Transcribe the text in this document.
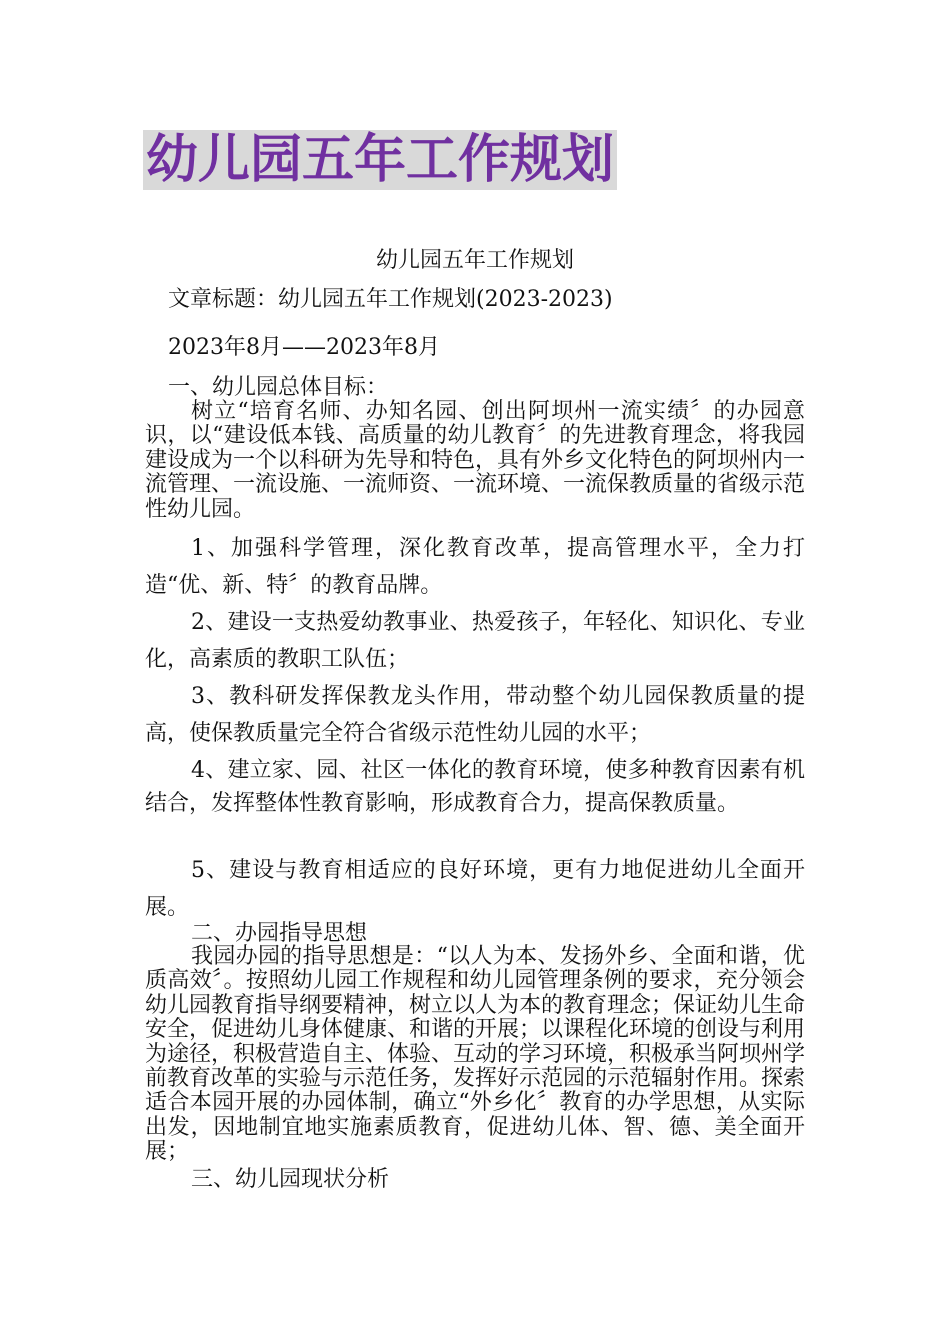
幼儿园五年工作规划
幼儿园五年工作规划
文章标题：幼儿园五年工作规划(2023-2023)
2023年8月——2023年8月
一、幼儿园总体目标：
树立“培育名师、办知名园、创出阿坝州一流实绩〞的办园意识，以“建设低本钱、高质量的幼儿教育〞的先进教育理念，将我园建设成为一个以科研为先导和特色，具有外乡文化特色的阿坝州内一流管理、一流设施、一流师资、一流环境、一流保教质量的省级示范性幼儿园。
1、加强科学管理，深化教育改革，提高管理水平，全力打造“优、新、特〞的教育品牌。
2、建设一支热爱幼教事业、热爱孩子，年轻化、知识化、专业化，高素质的教职工队伍；
3、教科研发挥保教龙头作用，带动整个幼儿园保教质量的提高，使保教质量完全符合省级示范性幼儿园的水平；
4、建立家、园、社区一体化的教育环境，使多种教育因素有机结合，发挥整体性教育影响，形成教育合力，提高保教质量。
5、建设与教育相适应的良好环境，更有力地促进幼儿全面开展。
二、办园指导思想
我园办园的指导思想是：“以人为本、发扬外乡、全面和谐，优质高效〞。按照幼儿园工作规程和幼儿园管理条例的要求，充分领会幼儿园教育指导纲要精神，树立以人为本的教育理念；保证幼儿生命安全，促进幼儿身体健康、和谐的开展；以课程化环境的创设与利用为途径，积极营造自主、体验、互动的学习环境，积极承当阿坝州学前教育改革的实验与示范任务，发挥好示范园的示范辐射作用。探索适合本园开展的办园体制，确立“外乡化〞教育的办学思想，从实际出发，因地制宜地实施素质教育，促进幼儿体、智、德、美全面开展；
三、幼儿园现状分析
